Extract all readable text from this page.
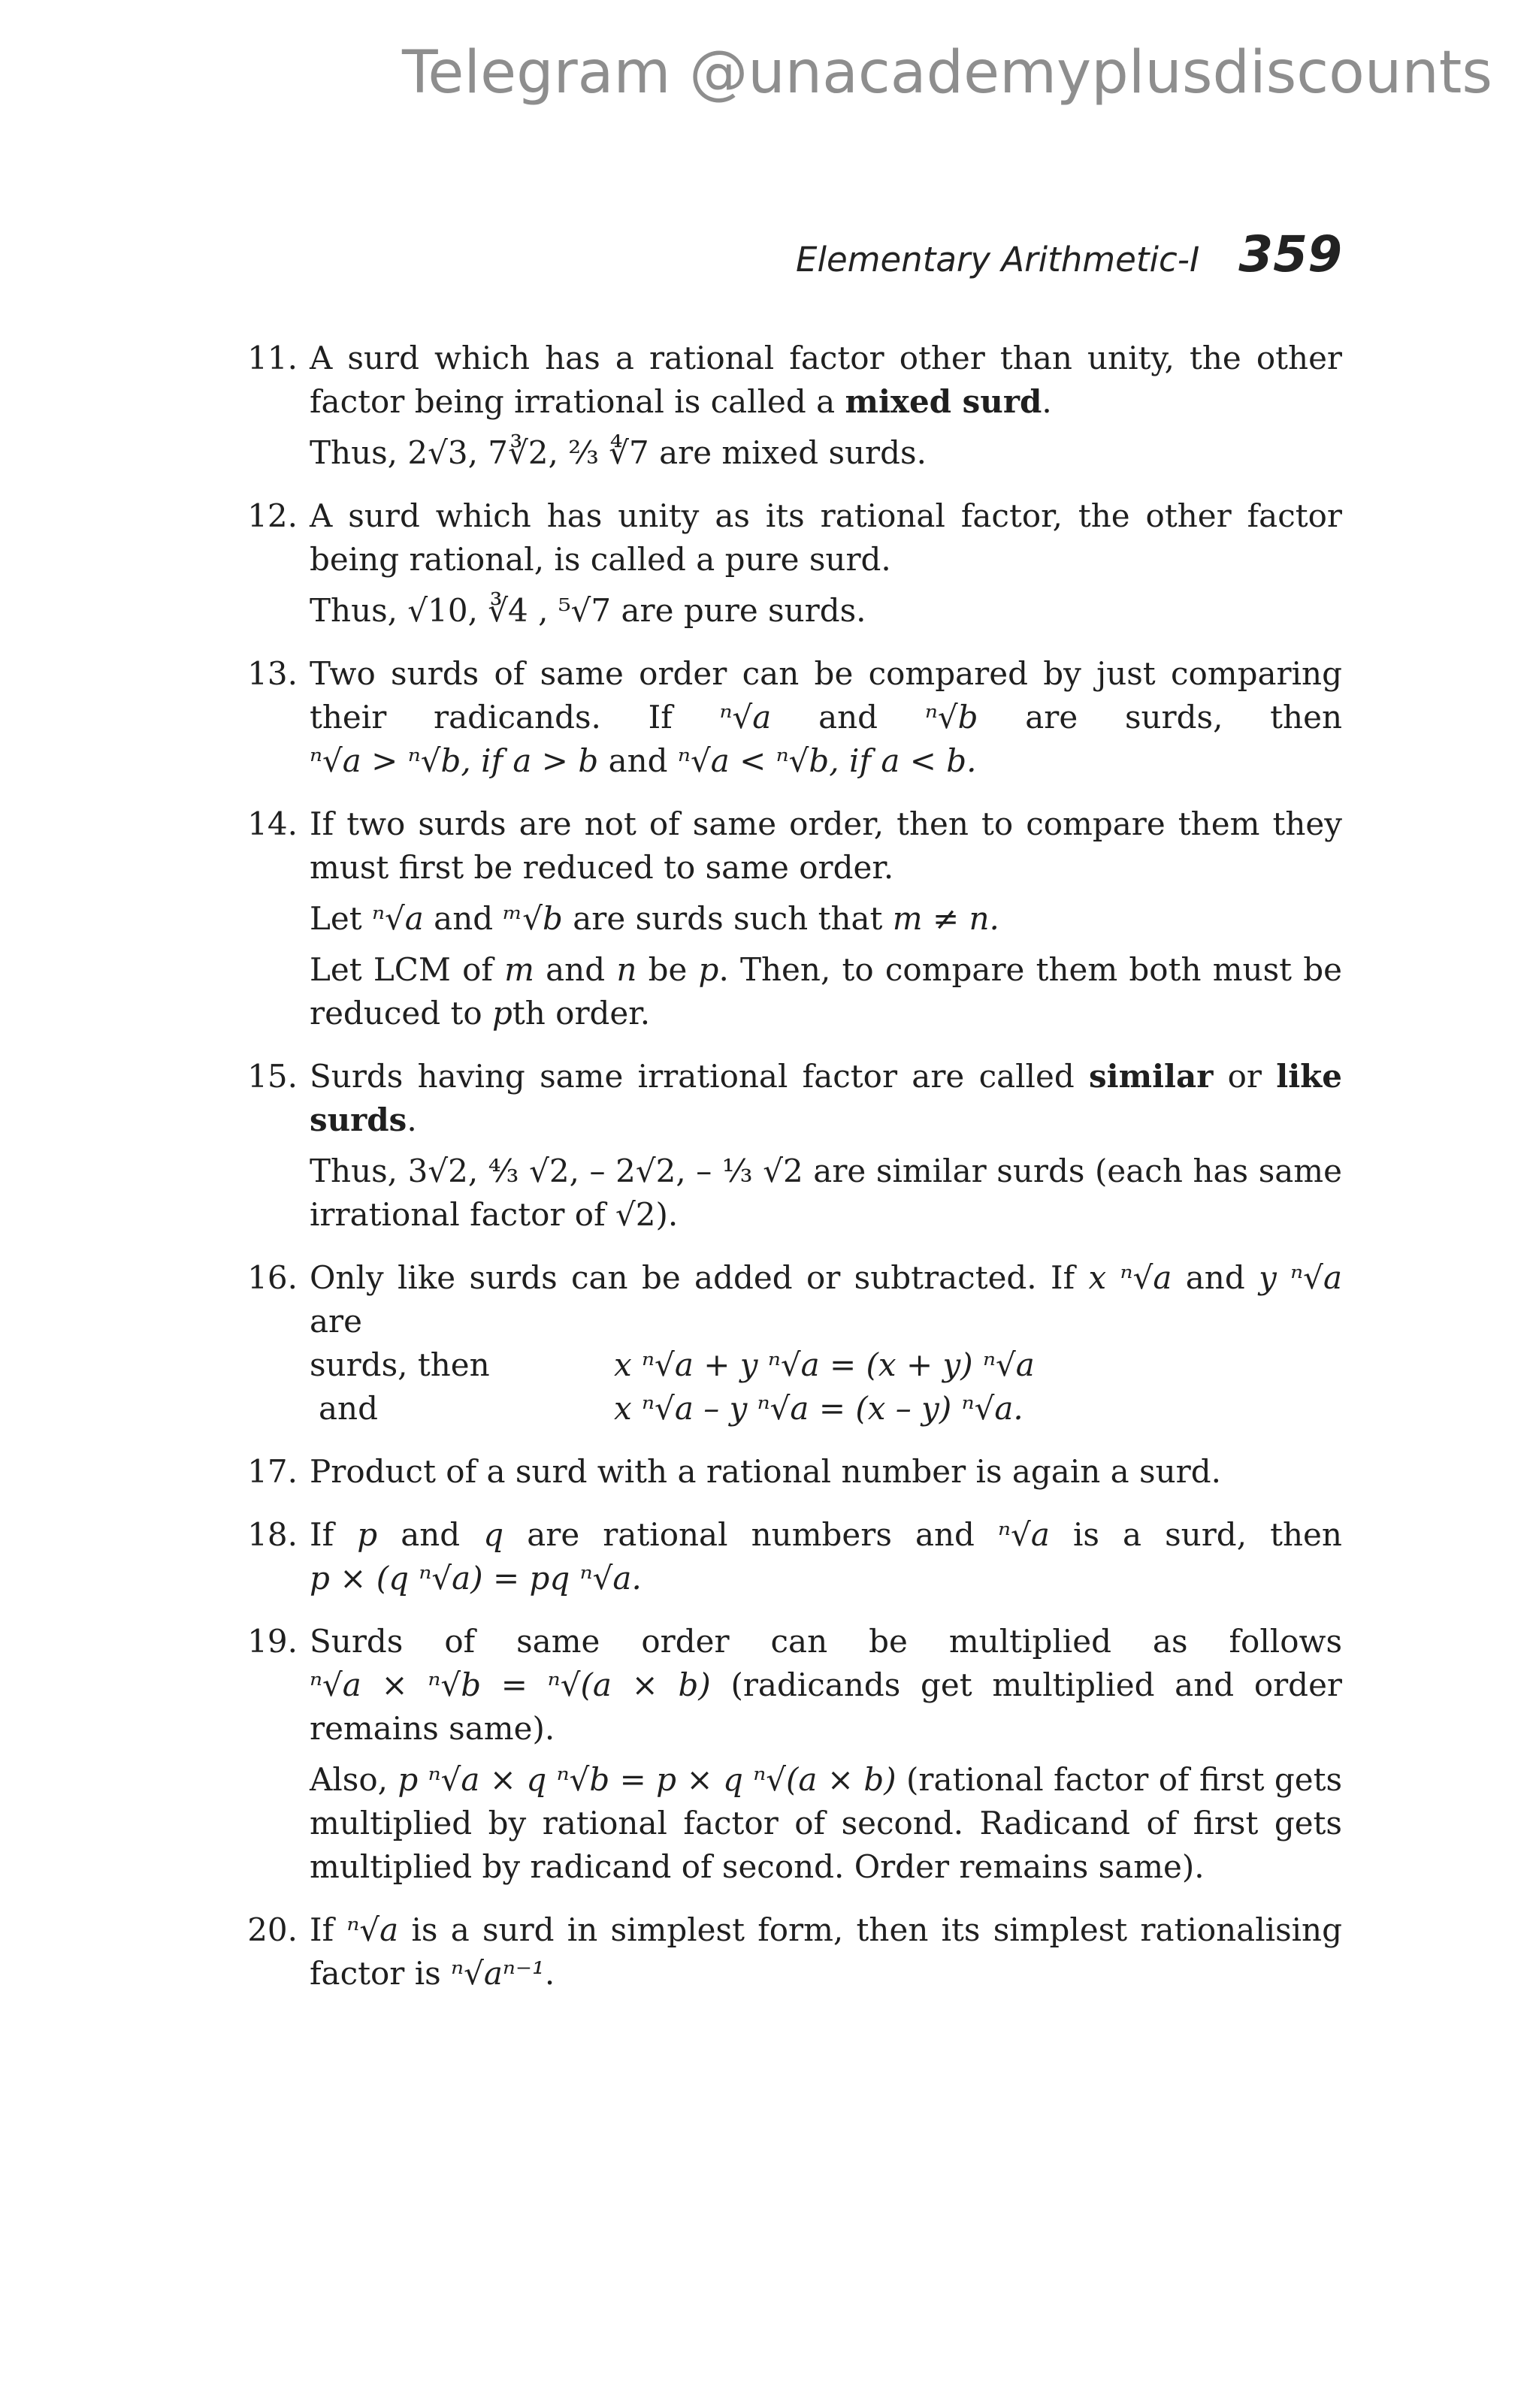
Telegram @unacademyplusdiscounts
Elementary Arithmetic-I 359
11. A surd which has a rational factor other than unity, the other factor being irrational is called a mixed surd.

Thus, 2√3, 7∛2, ⅔ ∜7 are mixed surds.

12. A surd which has unity as its rational factor, the other factor being rational, is called a pure surd.

Thus, √10, ∛4 , ⁵√7 are pure surds.

13. Two surds of same order can be compared by just comparing their radicands. If ⁿ√a and ⁿ√b are surds, then ⁿ√a > ⁿ√b, if a > b and ⁿ√a < ⁿ√b, if a < b.

14. If two surds are not of same order, then to compare them they must first be reduced to same order.

Let ⁿ√a and ᵐ√b are surds such that m ≠ n.

Let LCM of m and n be p. Then, to compare them both must be reduced to pth order.

15. Surds having same irrational factor are called similar or like surds.

Thus, 3√2, ⁴⁄₃ √2, – 2√2, – ⅓ √2 are similar surds (each has same irrational factor of √2).

16. Only like surds can be added or subtracted. If x ⁿ√a and y ⁿ√a are

surds, then	x ⁿ√a + y ⁿ√a = (x + y) ⁿ√a
and	x ⁿ√a – y ⁿ√a = (x – y) ⁿ√a.
17. Product of a surd with a rational number is again a surd.

18. If p and q are rational numbers and ⁿ√a is a surd, then p × (q ⁿ√a) = pq ⁿ√a.

19. Surds of same order can be multiplied as follows ⁿ√a × ⁿ√b = ⁿ√(a × b) (radicands get multiplied and order remains same).

Also, p ⁿ√a × q ⁿ√b = p × q ⁿ√(a × b) (rational factor of first gets multiplied by rational factor of second. Radicand of first gets multiplied by radicand of second. Order remains same).

20. If ⁿ√a is a surd in simplest form, then its simplest rationalising factor is ⁿ√aⁿ⁻¹.
